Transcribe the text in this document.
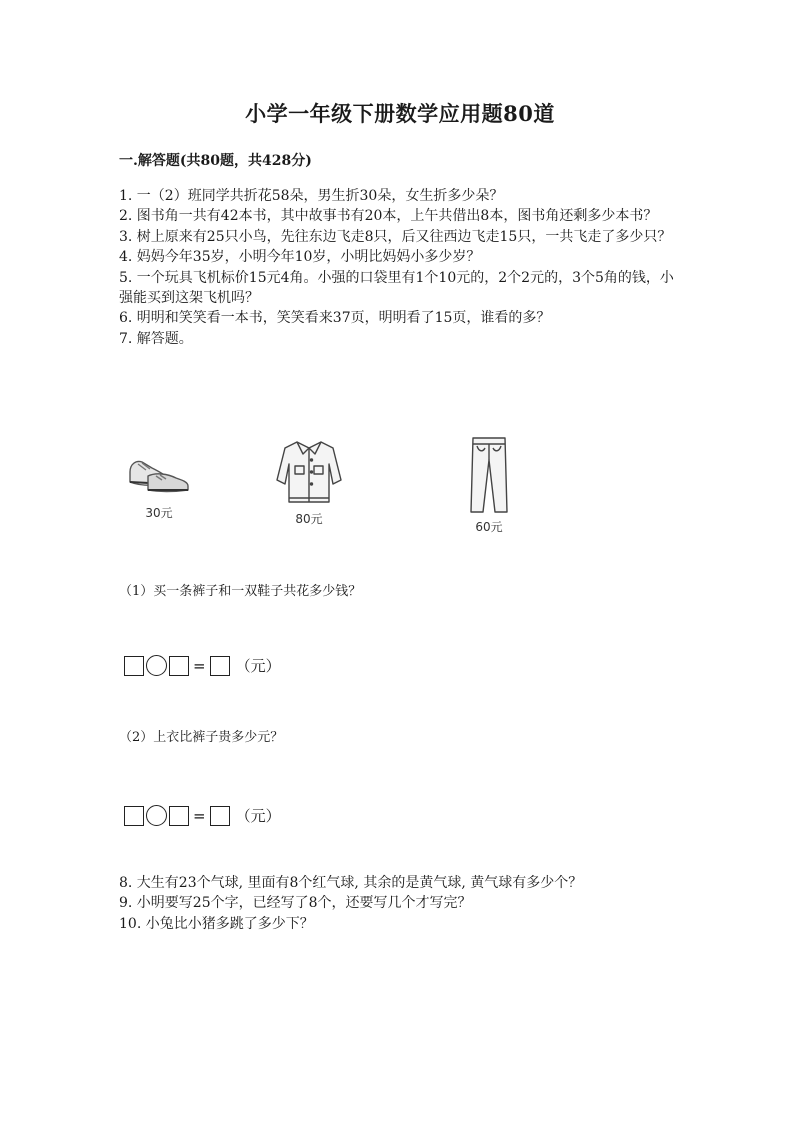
小学一年级下册数学应用题80道
一.解答题(共80题，共428分)

1. 一（2）班同学共折花58朵，男生折30朵，女生折多少朵？

2. 图书角一共有42本书，其中故事书有20本，上午共借出8本，图书角还剩多少本书？

3. 树上原来有25只小鸟，先往东边飞走8只，后又往西边飞走15只，一共飞走了多少只？

4. 妈妈今年35岁，小明今年10岁，小明比妈妈小多少岁？

5. 一个玩具飞机标价15元4角。小强的口袋里有1个10元的，2个2元的，3个5角的钱，小强能买到这架飞机吗？

6. 明明和笑笑看一本书，笑笑看来37页，明明看了15页，谁看的多？

7. 解答题。

30元	80元
60元
（1）买一条裤子和一双鞋子共花多少钱？
= （元）
（2）上衣比裤子贵多少元？
= （元）

8. 大生有23个气球, 里面有8个红气球, 其余的是黄气球, 黄气球有多少个？

9. 小明要写25个字，已经写了8个，还要写几个才写完？

10. 小兔比小猪多跳了多少下？
